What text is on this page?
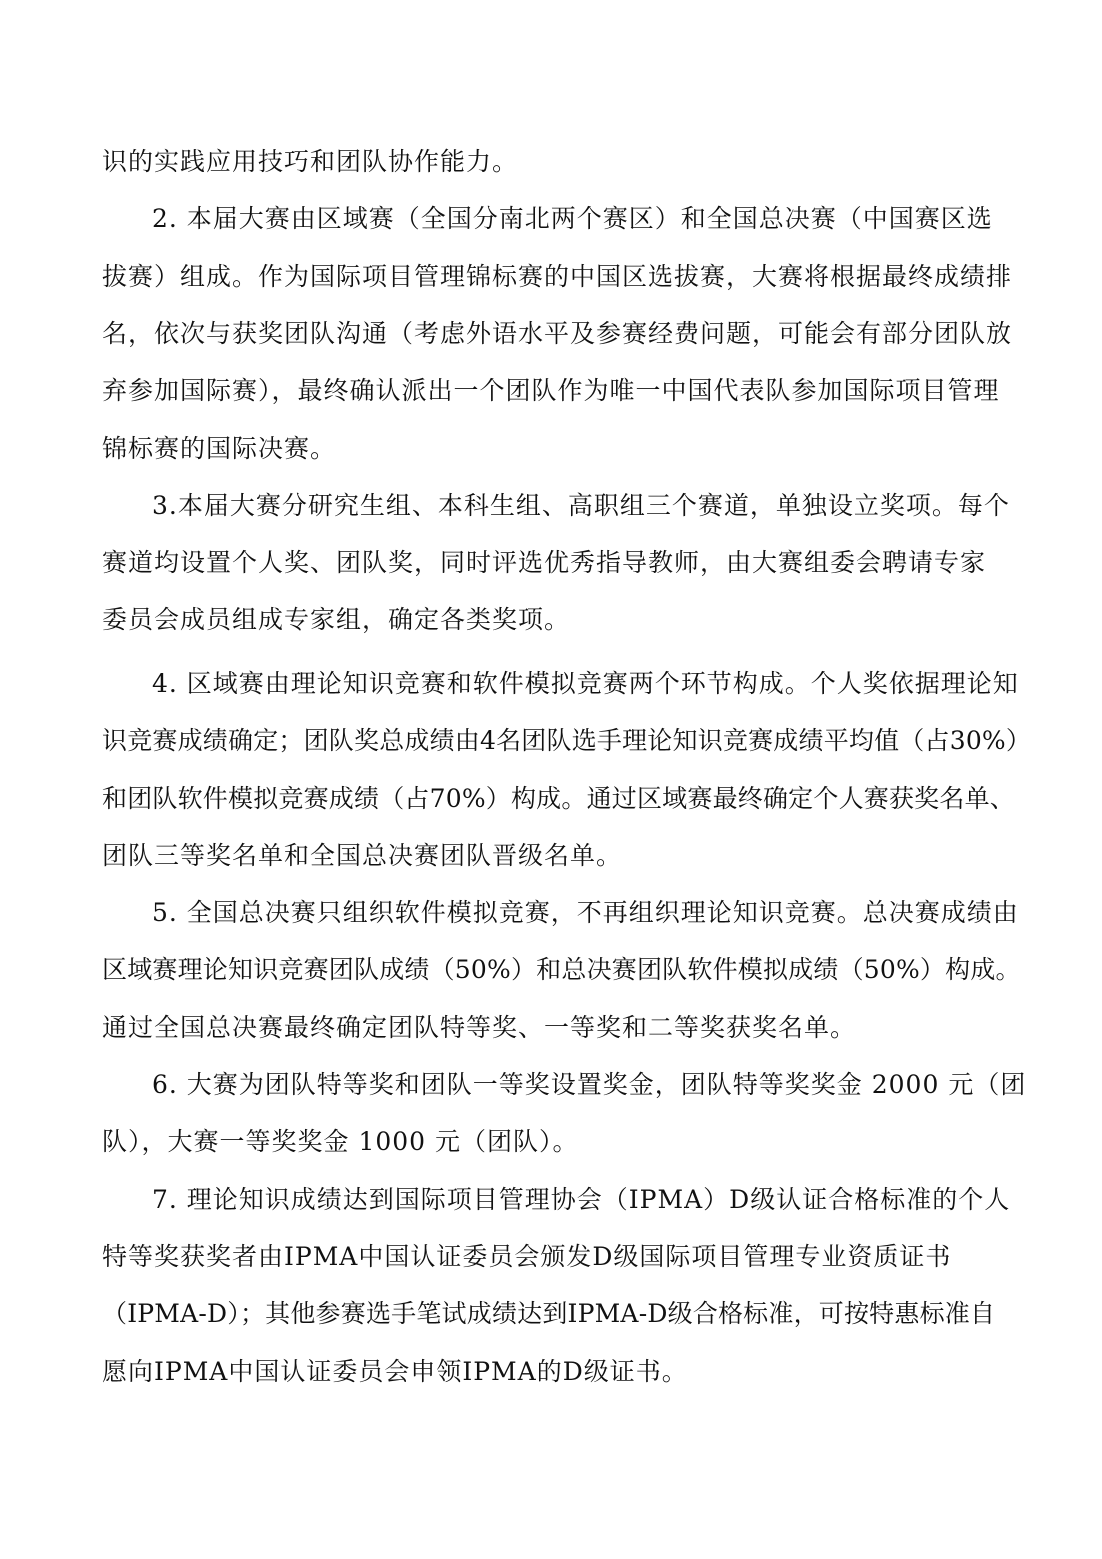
识的实践应用技巧和团队协作能力。
2. 本届大赛由区域赛（全国分南北两个赛区）和全国总决赛（中国赛区选
拔赛）组成。作为国际项目管理锦标赛的中国区选拔赛，大赛将根据最终成绩排
名，依次与获奖团队沟通（考虑外语水平及参赛经费问题，可能会有部分团队放
弃参加国际赛），最终确认派出一个团队作为唯一中国代表队参加国际项目管理
锦标赛的国际决赛。
3.本届大赛分研究生组、本科生组、高职组三个赛道，单独设立奖项。每个
赛道均设置个人奖、团队奖，同时评选优秀指导教师，由大赛组委会聘请专家
委员会成员组成专家组，确定各类奖项。
4. 区域赛由理论知识竞赛和软件模拟竞赛两个环节构成。个人奖依据理论知
识竞赛成绩确定；团队奖总成绩由4名团队选手理论知识竞赛成绩平均值（占30%）
和团队软件模拟竞赛成绩（占70%）构成。通过区域赛最终确定个人赛获奖名单、
团队三等奖名单和全国总决赛团队晋级名单。
5. 全国总决赛只组织软件模拟竞赛，不再组织理论知识竞赛。总决赛成绩由
区域赛理论知识竞赛团队成绩（50%）和总决赛团队软件模拟成绩（50%）构成。
通过全国总决赛最终确定团队特等奖、一等奖和二等奖获奖名单。
6. 大赛为团队特等奖和团队一等奖设置奖金，团队特等奖奖金 2000 元（团
队），大赛一等奖奖金 1000 元（团队）。
7. 理论知识成绩达到国际项目管理协会（IPMA）D级认证合格标准的个人
特等奖获奖者由IPMA中国认证委员会颁发D级国际项目管理专业资质证书
（IPMA-D）；其他参赛选手笔试成绩达到IPMA-D级合格标准，可按特惠标准自
愿向IPMA中国认证委员会申领IPMA的D级证书。
